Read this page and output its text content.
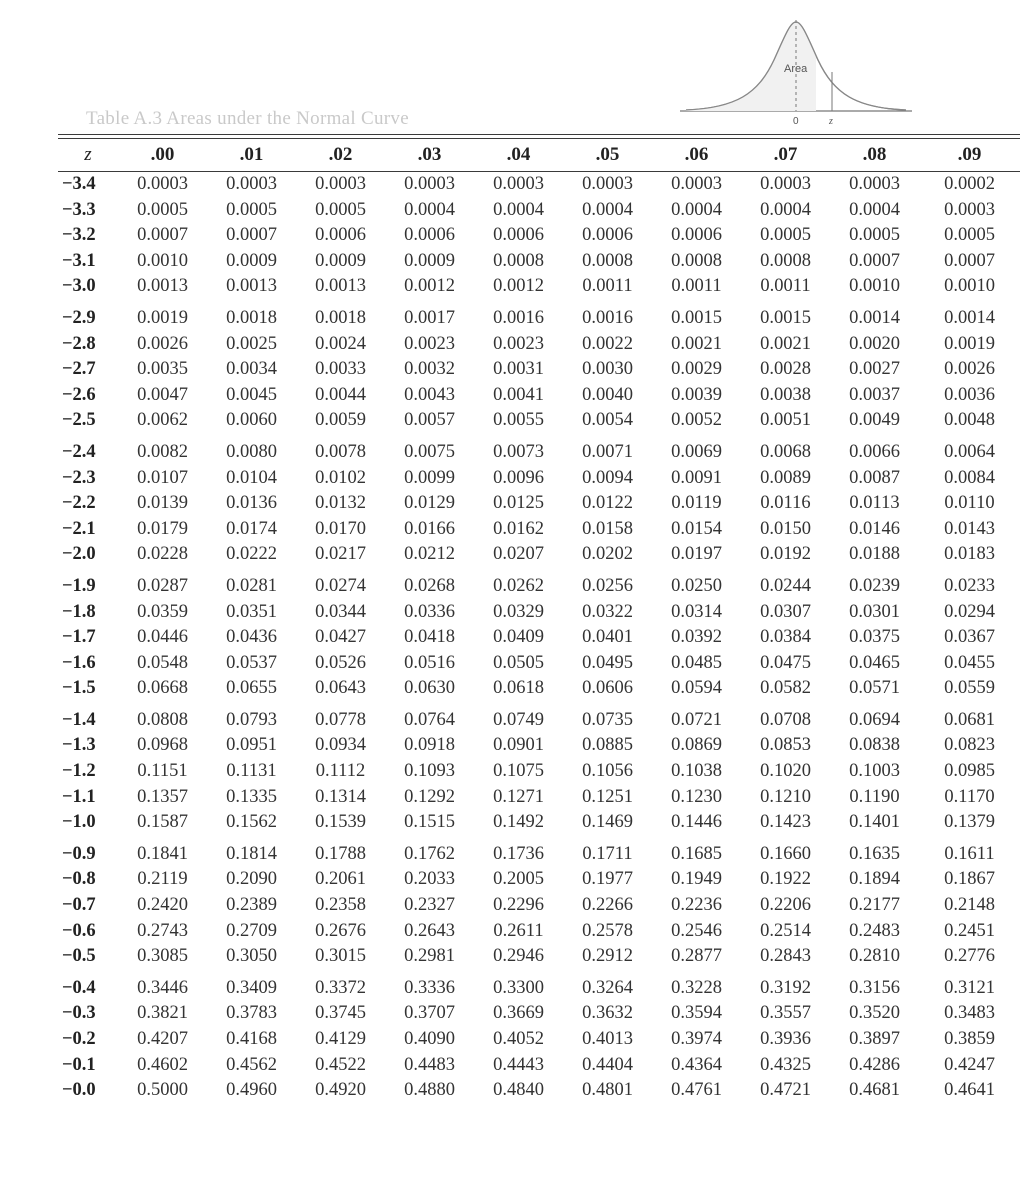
Table A.3 Areas under the Normal Curve
Area
0	z
z	.00	.01	.02	.03	.04	.05	.06	.07	.08	.09
−3.4	0.0003	0.0003	0.0003	0.0003	0.0003	0.0003	0.0003	0.0003	0.0003	0.0002
−3.3	0.0005	0.0005	0.0005	0.0004	0.0004	0.0004	0.0004	0.0004	0.0004	0.0003
−3.2	0.0007	0.0007	0.0006	0.0006	0.0006	0.0006	0.0006	0.0005	0.0005	0.0005
−3.1	0.0010	0.0009	0.0009	0.0009	0.0008	0.0008	0.0008	0.0008	0.0007	0.0007
−3.0	0.0013	0.0013	0.0013	0.0012	0.0012	0.0011	0.0011	0.0011	0.0010	0.0010
−2.9	0.0019	0.0018	0.0018	0.0017	0.0016	0.0016	0.0015	0.0015	0.0014	0.0014
−2.8	0.0026	0.0025	0.0024	0.0023	0.0023	0.0022	0.0021	0.0021	0.0020	0.0019
−2.7	0.0035	0.0034	0.0033	0.0032	0.0031	0.0030	0.0029	0.0028	0.0027	0.0026
−2.6	0.0047	0.0045	0.0044	0.0043	0.0041	0.0040	0.0039	0.0038	0.0037	0.0036
−2.5	0.0062	0.0060	0.0059	0.0057	0.0055	0.0054	0.0052	0.0051	0.0049	0.0048
−2.4	0.0082	0.0080	0.0078	0.0075	0.0073	0.0071	0.0069	0.0068	0.0066	0.0064
−2.3	0.0107	0.0104	0.0102	0.0099	0.0096	0.0094	0.0091	0.0089	0.0087	0.0084
−2.2	0.0139	0.0136	0.0132	0.0129	0.0125	0.0122	0.0119	0.0116	0.0113	0.0110
−2.1	0.0179	0.0174	0.0170	0.0166	0.0162	0.0158	0.0154	0.0150	0.0146	0.0143
−2.0	0.0228	0.0222	0.0217	0.0212	0.0207	0.0202	0.0197	0.0192	0.0188	0.0183
−1.9	0.0287	0.0281	0.0274	0.0268	0.0262	0.0256	0.0250	0.0244	0.0239	0.0233
−1.8	0.0359	0.0351	0.0344	0.0336	0.0329	0.0322	0.0314	0.0307	0.0301	0.0294
−1.7	0.0446	0.0436	0.0427	0.0418	0.0409	0.0401	0.0392	0.0384	0.0375	0.0367
−1.6	0.0548	0.0537	0.0526	0.0516	0.0505	0.0495	0.0485	0.0475	0.0465	0.0455
−1.5	0.0668	0.0655	0.0643	0.0630	0.0618	0.0606	0.0594	0.0582	0.0571	0.0559
−1.4	0.0808	0.0793	0.0778	0.0764	0.0749	0.0735	0.0721	0.0708	0.0694	0.0681
−1.3	0.0968	0.0951	0.0934	0.0918	0.0901	0.0885	0.0869	0.0853	0.0838	0.0823
−1.2	0.1151	0.1131	0.1112	0.1093	0.1075	0.1056	0.1038	0.1020	0.1003	0.0985
−1.1	0.1357	0.1335	0.1314	0.1292	0.1271	0.1251	0.1230	0.1210	0.1190	0.1170
−1.0	0.1587	0.1562	0.1539	0.1515	0.1492	0.1469	0.1446	0.1423	0.1401	0.1379
−0.9	0.1841	0.1814	0.1788	0.1762	0.1736	0.1711	0.1685	0.1660	0.1635	0.1611
−0.8	0.2119	0.2090	0.2061	0.2033	0.2005	0.1977	0.1949	0.1922	0.1894	0.1867
−0.7	0.2420	0.2389	0.2358	0.2327	0.2296	0.2266	0.2236	0.2206	0.2177	0.2148
−0.6	0.2743	0.2709	0.2676	0.2643	0.2611	0.2578	0.2546	0.2514	0.2483	0.2451
−0.5	0.3085	0.3050	0.3015	0.2981	0.2946	0.2912	0.2877	0.2843	0.2810	0.2776
−0.4	0.3446	0.3409	0.3372	0.3336	0.3300	0.3264	0.3228	0.3192	0.3156	0.3121
−0.3	0.3821	0.3783	0.3745	0.3707	0.3669	0.3632	0.3594	0.3557	0.3520	0.3483
−0.2	0.4207	0.4168	0.4129	0.4090	0.4052	0.4013	0.3974	0.3936	0.3897	0.3859
−0.1	0.4602	0.4562	0.4522	0.4483	0.4443	0.4404	0.4364	0.4325	0.4286	0.4247
−0.0	0.5000	0.4960	0.4920	0.4880	0.4840	0.4801	0.4761	0.4721	0.4681	0.4641
